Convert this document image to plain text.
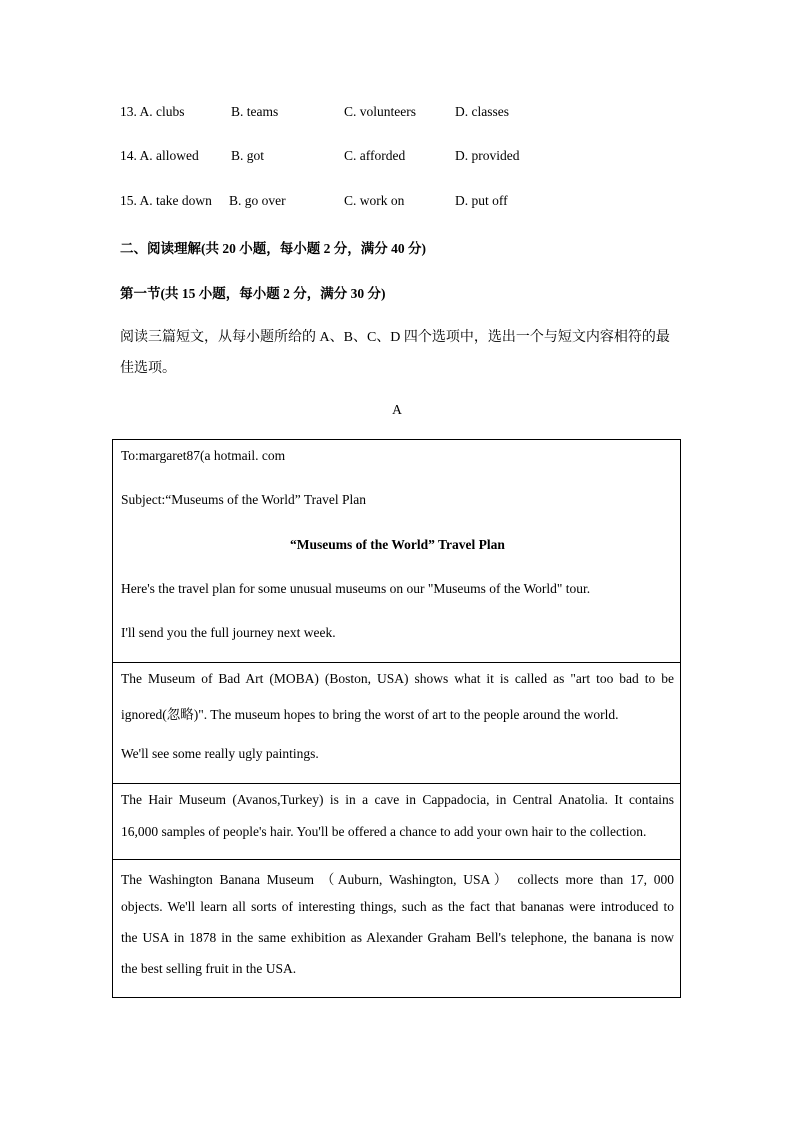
13. A. clubs	B. teams	C. volunteers	D. classes
14. A. allowed B. got	C. afforded	D. provided
15. A. take down B. go over	C. work on	D. put off
二、阅读理解(共 20 小题，每小题 2 分，满分 40 分)
第一节(共 15 小题，每小题 2 分，满分 30 分)
阅读三篇短文，从每小题所给的 A、B、C、D 四个选项中，选出一个与短文内容相符的最
佳选项。
A
To:margaret87(a hotmail. com
Subject:“Museums of the World” Travel Plan
“Museums of the World” Travel Plan
Here's the travel plan for some unusual museums on our "Museums of the World" tour.
I'll send you the full journey next week.
The Museum of Bad Art (MOBA) (Boston, USA) shows what it is called as "art too bad to be
ignored(忽略)". The museum hopes to bring the worst of art to the people around the world.
We'll see some really ugly paintings.
The Hair Museum (Avanos,Turkey) is in a cave in Cappadocia, in Central Anatolia. It contains
16,000 samples of people's hair. You'll be offered a chance to add your own hair to the collection.
The Washington Banana Museum （Auburn, Washington, USA） collects more than 17, 000
objects. We'll learn all sorts of interesting things, such as the fact that bananas were introduced to
the USA in 1878 in the same exhibition as Alexander Graham Bell's telephone, the banana is now
the best selling fruit in the USA.
